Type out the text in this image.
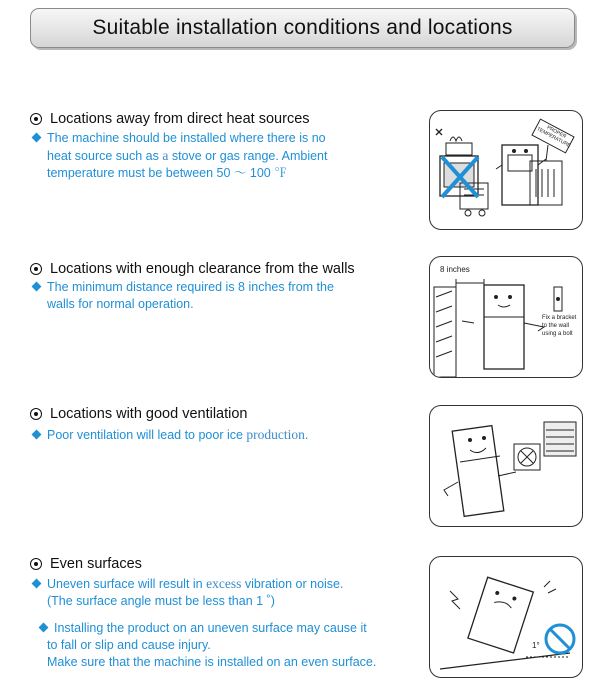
Suitable installation conditions and locations
Locations away from direct heat sources
The machine should be installed where there is no
heat source such as a stove or gas range. Ambient
temperature must be between 50 ～ 100 ℉
Locations with enough clearance from the walls
The minimum distance required is 8 inches from the
walls for normal operation.
Locations with good ventilation
Poor ventilation will lead to poor ice production.
Even surfaces
Uneven surface will result in excess vibration or noise.
(The surface angle must be less than 1 ˚)
Installing the product on an uneven surface may cause it
to fall or slip and cause injury.
Make sure that the machine is installed on an even surface.
PROPER TEMPERATURE
8 inches
Fix a bracket
to the wall
using a bolt
1°
